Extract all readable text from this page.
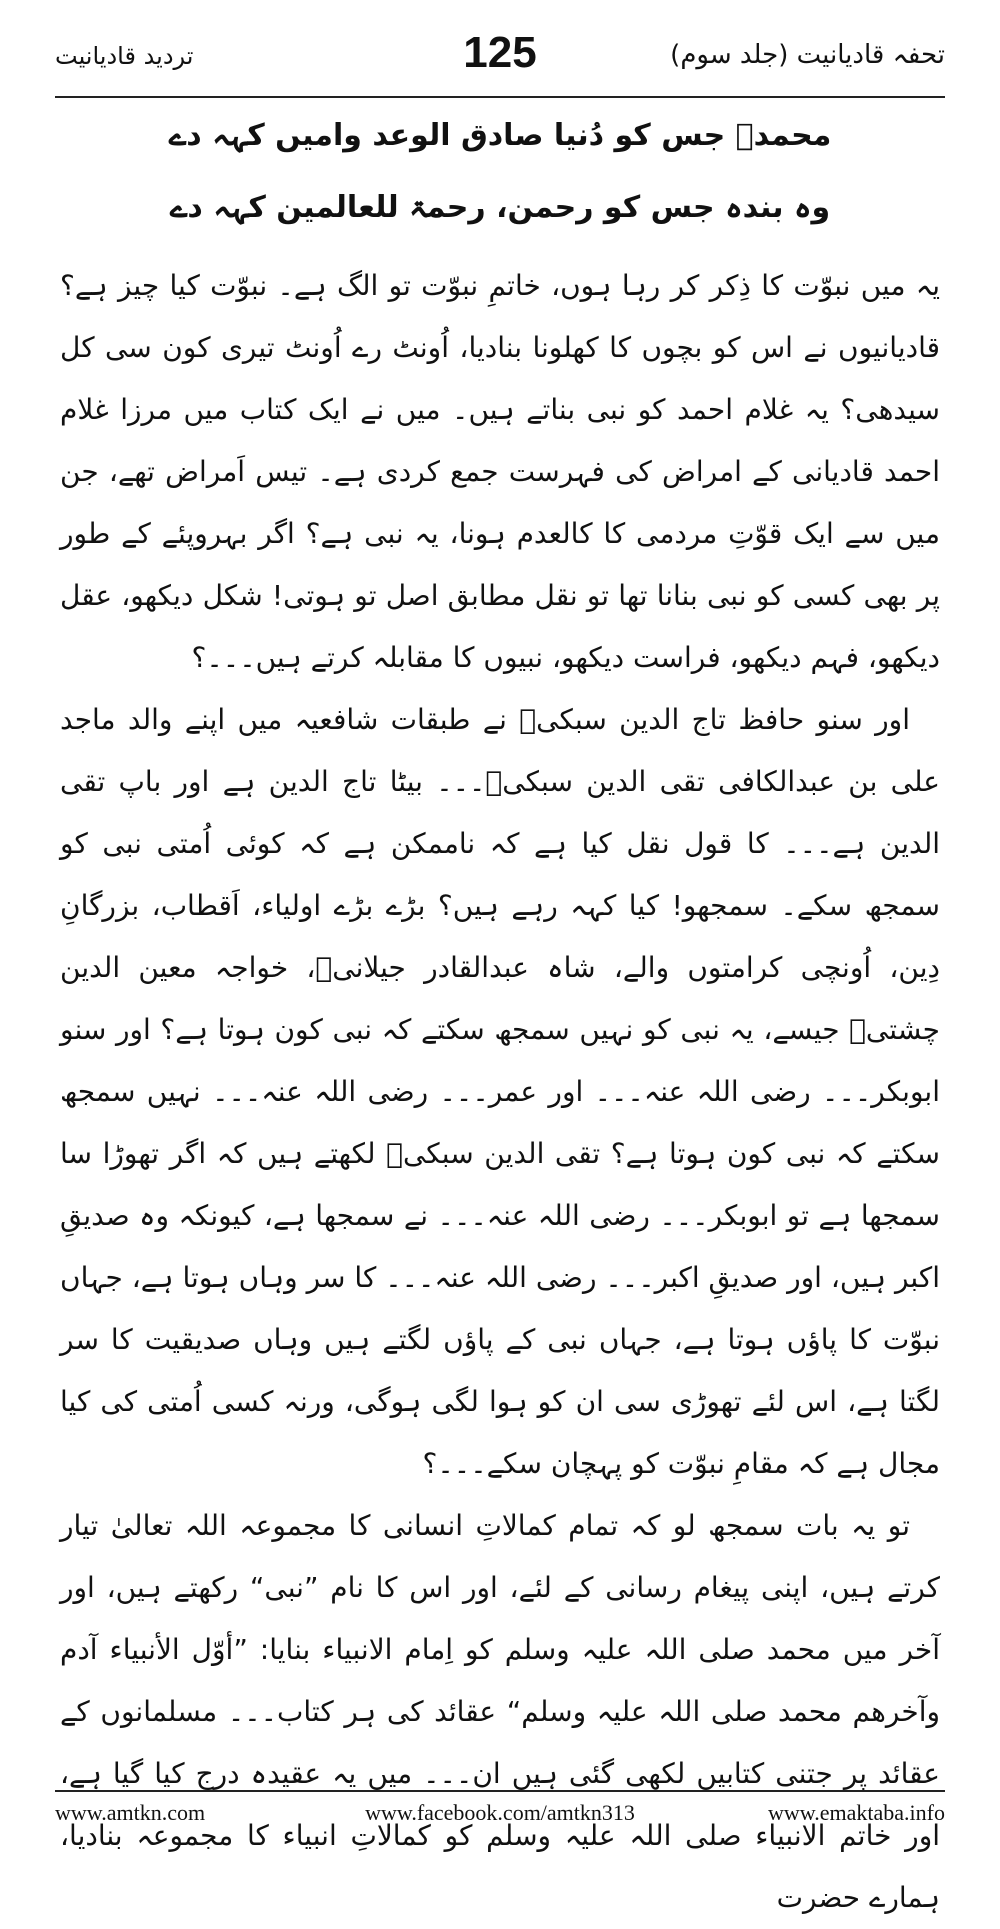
تردید قادیانیت	125	تحفہ قادیانیت (جلد سوم)
محمدؐ جس کو دُنیا صادق الوعد وامیں کہہ دے
وہ بندہ جس کو رحمن، رحمۃ للعالمین کہہ دے

یہ میں نبوّت کا ذِکر کر رہا ہوں، خاتمِ نبوّت تو الگ ہے۔ نبوّت کیا چیز ہے؟ قادیانیوں نے اس کو بچوں کا کھلونا بنادیا، اُونٹ رے اُونٹ تیری کون سی کل سیدھی؟ یہ غلام احمد کو نبی بناتے ہیں۔ میں نے ایک کتاب میں مرزا غلام احمد قادیانی کے امراض کی فہرست جمع کردی ہے۔ تیس اَمراض تھے، جن میں سے ایک قوّتِ مردمی کا کالعدم ہونا، یہ نبی ہے؟ اگر بہروپئے کے طور پر بھی کسی کو نبی بنانا تھا تو نقل مطابق اصل تو ہوتی! شکل دیکھو، عقل دیکھو، فہم دیکھو، فراست دیکھو، نبیوں کا مقابلہ کرتے ہیں۔۔۔؟

اور سنو حافظ تاج الدین سبکیؒ نے طبقات شافعیہ میں اپنے والد ماجد علی بن عبدالکافی تقی الدین سبکیؒ۔۔۔ بیٹا تاج الدین ہے اور باپ تقی الدین ہے۔۔۔ کا قول نقل کیا ہے کہ ناممکن ہے کہ کوئی اُمتی نبی کو سمجھ سکے۔ سمجھو! کیا کہہ رہے ہیں؟ بڑے بڑے اولیاء، اَقطاب، بزرگانِ دِین، اُونچی کرامتوں والے، شاہ عبدالقادر جیلانیؒ، خواجہ معین الدین چشتیؒ جیسے، یہ نبی کو نہیں سمجھ سکتے کہ نبی کون ہوتا ہے؟ اور سنو ابوبکر۔۔۔ رضی اللہ عنہ۔۔۔ اور عمر۔۔۔ رضی اللہ عنہ۔۔۔ نہیں سمجھ سکتے کہ نبی کون ہوتا ہے؟ تقی الدین سبکیؒ لکھتے ہیں کہ اگر تھوڑا سا سمجھا ہے تو ابوبکر۔۔۔ رضی اللہ عنہ۔۔۔ نے سمجھا ہے، کیونکہ وہ صدیقِ اکبر ہیں، اور صدیقِ اکبر۔۔۔ رضی اللہ عنہ۔۔۔ کا سر وہاں ہوتا ہے، جہاں نبوّت کا پاؤں ہوتا ہے، جہاں نبی کے پاؤں لگتے ہیں وہاں صدیقیت کا سر لگتا ہے، اس لئے تھوڑی سی ان کو ہوا لگی ہوگی، ورنہ کسی اُمتی کی کیا مجال ہے کہ مقامِ نبوّت کو پہچان سکے۔۔۔؟

تو یہ بات سمجھ لو کہ تمام کمالاتِ انسانی کا مجموعہ اللہ تعالیٰ تیار کرتے ہیں، اپنی پیغام رسانی کے لئے، اور اس کا نام ”نبی“ رکھتے ہیں، اور آخر میں محمد صلی اللہ علیہ وسلم کو اِمام الانبیاء بنایا: ”أوّل الأنبیاء آدم وآخرھم محمد صلی اللہ علیہ وسلم“ عقائد کی ہر کتاب۔۔۔ مسلمانوں کے عقائد پر جتنی کتابیں لکھی گئی ہیں ان۔۔۔ میں یہ عقیدہ درج کیا گیا ہے، اور خاتم الانبیاء صلی اللہ علیہ وسلم کو کمالاتِ انبیاء کا مجموعہ بنادیا، ہمارے حضرت

www.amtkn.com	www.facebook.com/amtkn313	www.emaktaba.info
